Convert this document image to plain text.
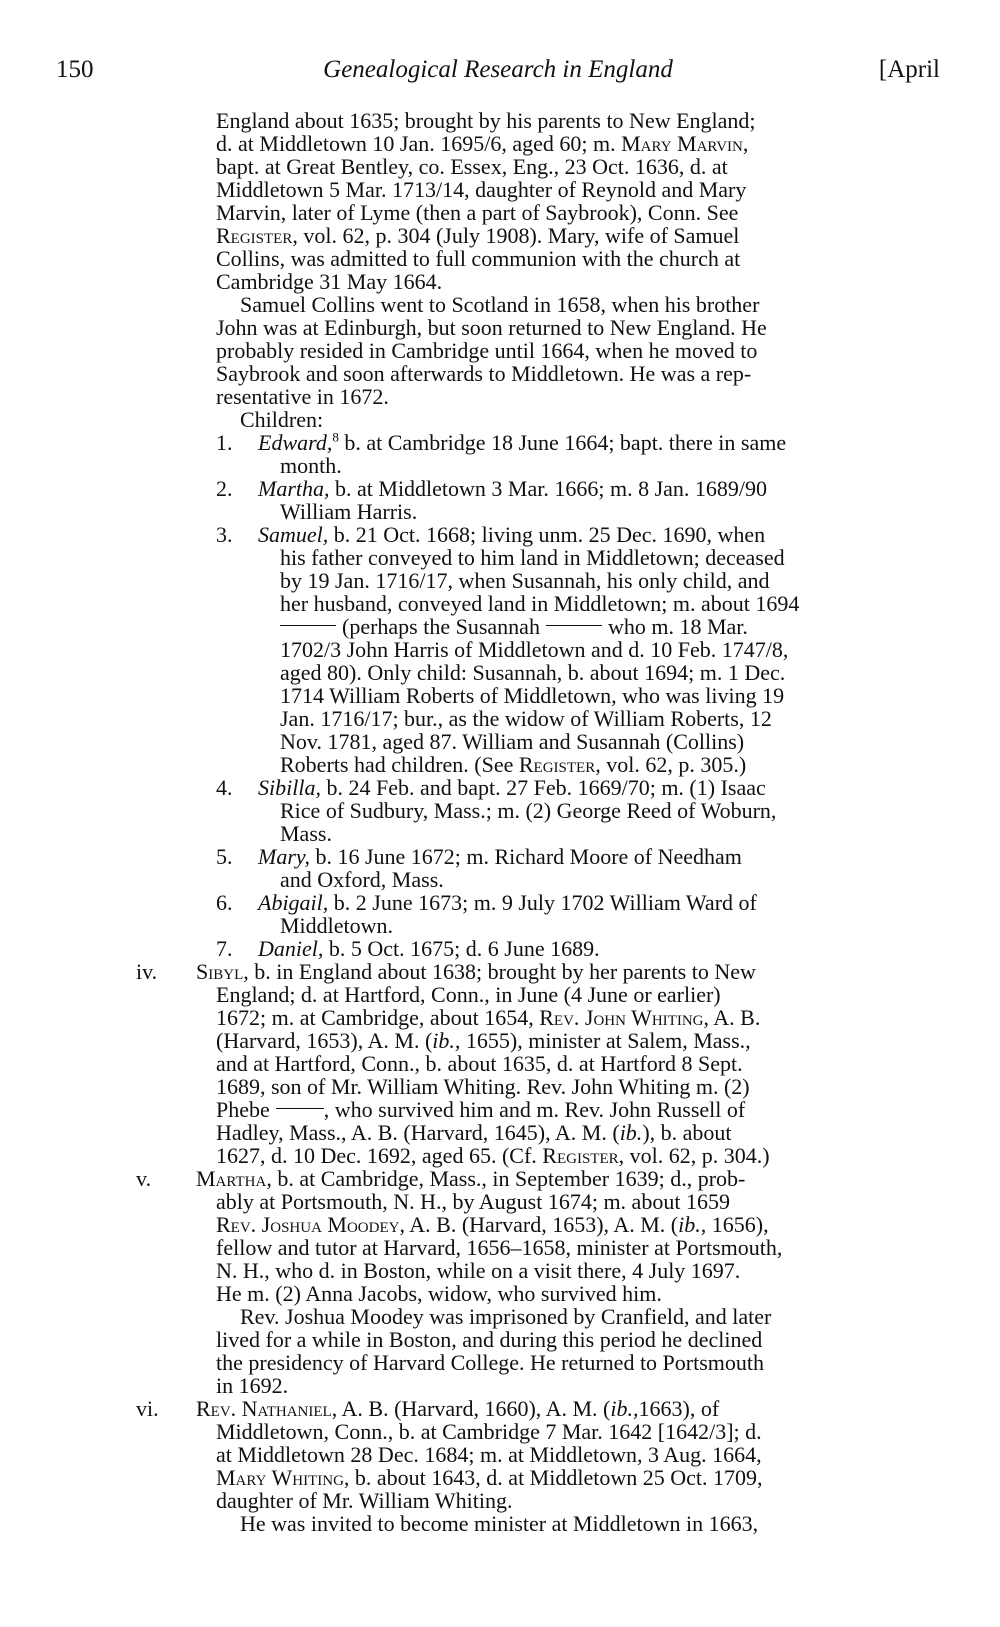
150	Genealogical Research in England	[April
England about 1635; brought by his parents to New England;
d. at Middletown 10 Jan. 1695/6, aged 60; m. Mary Marvin,
bapt. at Great Bentley, co. Essex, Eng., 23 Oct. 1636, d. at
Middletown 5 Mar. 1713/14, daughter of Reynold and Mary
Marvin, later of Lyme (then a part of Saybrook), Conn. See
Register, vol. 62, p. 304 (July 1908). Mary, wife of Samuel
Collins, was admitted to full communion with the church at
Cambridge 31 May 1664.
Samuel Collins went to Scotland in 1658, when his brother
John was at Edinburgh, but soon returned to New England. He
probably resided in Cambridge until 1664, when he moved to
Saybrook and soon afterwards to Middletown. He was a rep-
resentative in 1672.
Children:
1. Edward,$^8$ b. at Cambridge 18 June 1664; bapt. there in same
month.
2. Martha, b. at Middletown 3 Mar. 1666; m. 8 Jan. 1689/90
William Harris.
3. Samuel, b. 21 Oct. 1668; living unm. 25 Dec. 1690, when
his father conveyed to him land in Middletown; deceased
by 19 Jan. 1716/17, when Susannah, his only child, and
her husband, conveyed land in Middletown; m. about 1694
(perhaps the Susannah	who m. 18 Mar.
1702/3 John Harris of Middletown and d. 10 Feb. 1747/8,
aged 80). Only child: Susannah, b. about 1694; m. 1 Dec.
1714 William Roberts of Middletown, who was living 19
Jan. 1716/17; bur., as the widow of William Roberts, 12
Nov. 1781, aged 87. William and Susannah (Collins)
Roberts had children. (See Register, vol. 62, p. 305.)
4. Sibilla, b. 24 Feb. and bapt. 27 Feb. 1669/70; m. (1) Isaac
Rice of Sudbury, Mass.; m. (2) George Reed of Woburn,
Mass.
5. Mary, b. 16 June 1672; m. Richard Moore of Needham
and Oxford, Mass.
6. Abigail, b. 2 June 1673; m. 9 July 1702 William Ward of
Middletown.
7. Daniel, b. 5 Oct. 1675; d. 6 June 1689.
iv. Sibyl, b. in England about 1638; brought by her parents to New
England; d. at Hartford, Conn., in June (4 June or earlier)
1672; m. at Cambridge, about 1654, Rev. John Whiting, A. B.
(Harvard, 1653), A. M. (ib., 1655), minister at Salem, Mass.,
and at Hartford, Conn., b. about 1635, d. at Hartford 8 Sept.
1689, son of Mr. William Whiting. Rev. John Whiting m. (2)
Phebe , who survived him and m. Rev. John Russell of
Hadley, Mass., A. B. (Harvard, 1645), A. M. (ib.), b. about
1627, d. 10 Dec. 1692, aged 65. (Cf. Register, vol. 62, p. 304.)
v. Martha, b. at Cambridge, Mass., in September 1639; d., prob-
ably at Portsmouth, N. H., by August 1674; m. about 1659
Rev. Joshua Moodey, A. B. (Harvard, 1653), A. M. (ib., 1656),
fellow and tutor at Harvard, 1656–1658, minister at Portsmouth,
N. H., who d. in Boston, while on a visit there, 4 July 1697.
He m. (2) Anna Jacobs, widow, who survived him.
Rev. Joshua Moodey was imprisoned by Cranfield, and later
lived for a while in Boston, and during this period he declined
the presidency of Harvard College. He returned to Portsmouth
in 1692.
vi. Rev. Nathaniel, A. B. (Harvard, 1660), A. M. (ib.,1663), of
Middletown, Conn., b. at Cambridge 7 Mar. 1642 [1642/3]; d.
at Middletown 28 Dec. 1684; m. at Middletown, 3 Aug. 1664,
Mary Whiting, b. about 1643, d. at Middletown 25 Oct. 1709,
daughter of Mr. William Whiting.
He was invited to become minister at Middletown in 1663,
